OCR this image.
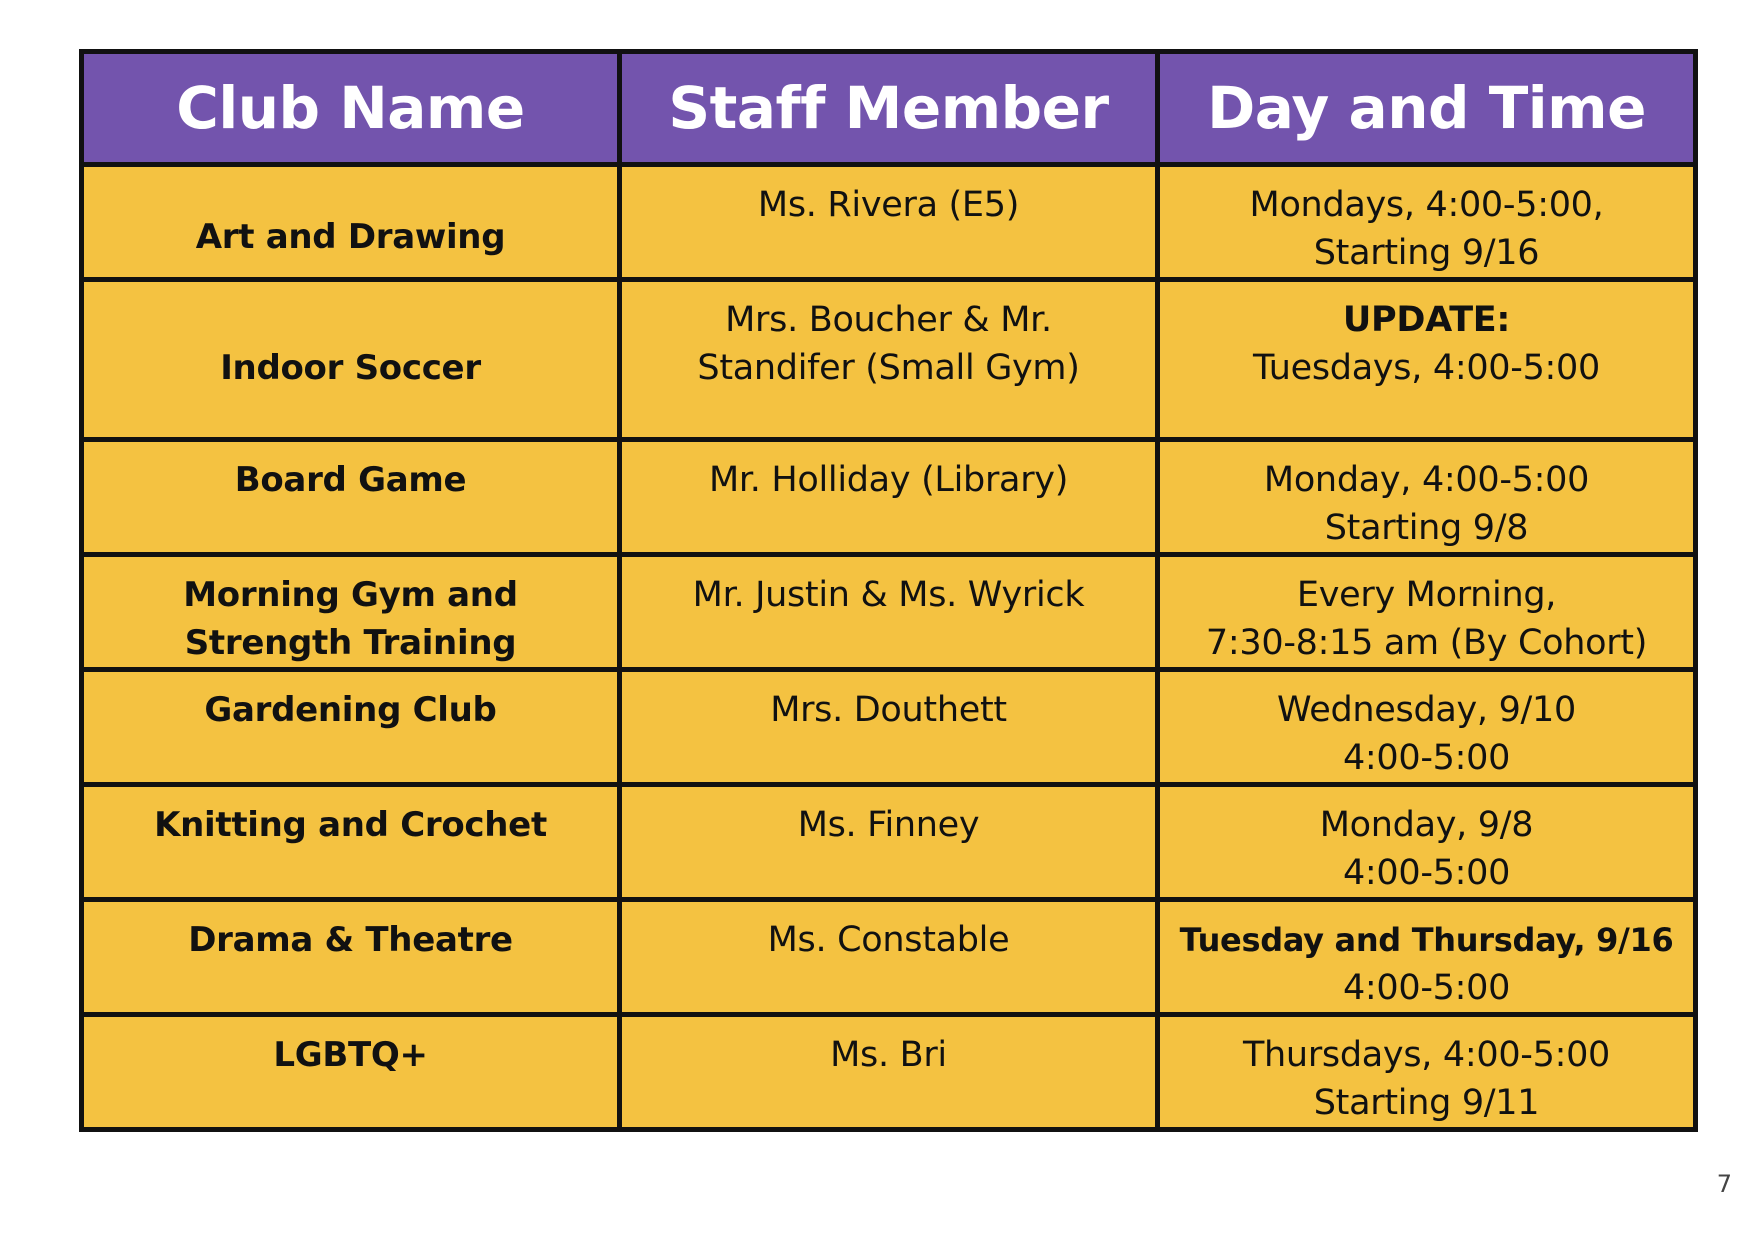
Club Name	Staff Member	Day and Time

Art and Drawing	Ms. Rivera (E5)	Mondays, 4:00-5:00,
Starting 9/16

Indoor Soccer	Mrs. Boucher & Mr.
Standifer (Small Gym)	UPDATE:
Tuesdays, 4:00-5:00

Board Game	Mr. Holliday (Library)	Monday, 4:00-5:00
Starting 9/8

Morning Gym and
Strength Training	Mr. Justin & Ms. Wyrick	Every Morning,
7:30-8:15 am (By Cohort)

Gardening Club	Mrs. Douthett	Wednesday, 9/10
4:00-5:00

Knitting and Crochet	Ms. Finney	Monday, 9/8
4:00-5:00

Drama & Theatre	Ms. Constable	Tuesday and Thursday, 9/16
4:00-5:00

LGBTQ+	Ms. Bri	Thursdays, 4:00-5:00
Starting 9/11
7
